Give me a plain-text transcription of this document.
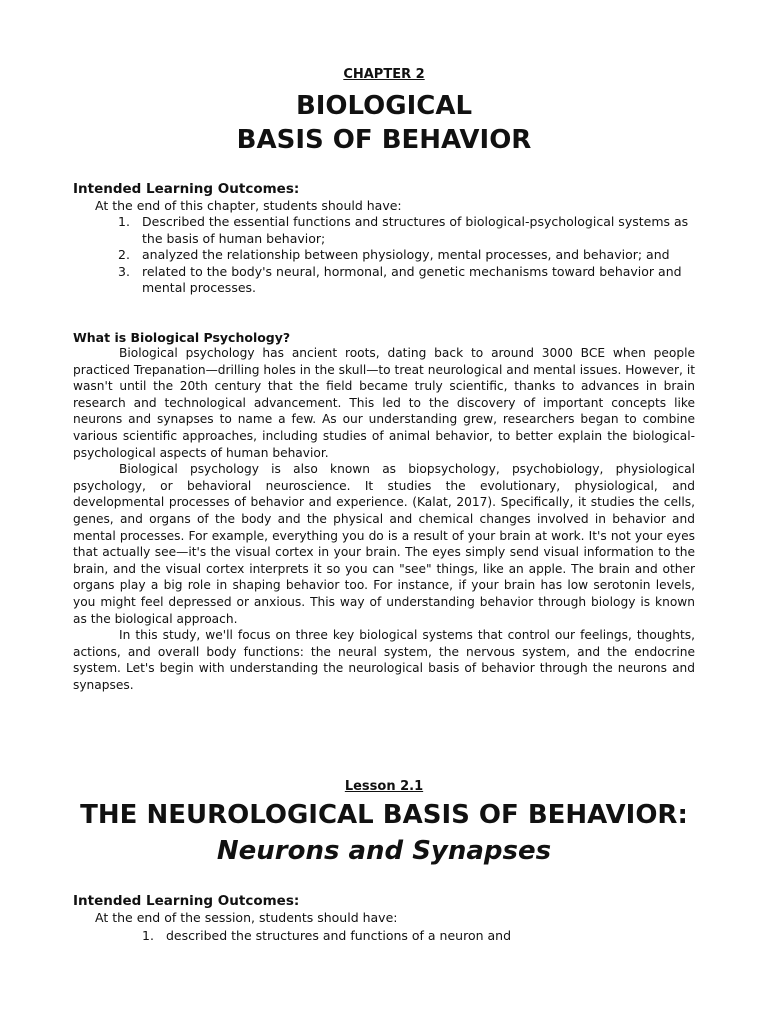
CHAPTER 2
BIOLOGICAL
BASIS OF BEHAVIOR
Intended Learning Outcomes:
At the end of this chapter, students should have:
1. Described the essential functions and structures of biological-psychological systems as the basis of human behavior;
2. analyzed the relationship between physiology, mental processes, and behavior; and
3. related to the body's neural, hormonal, and genetic mechanisms toward behavior and mental processes.
What is Biological Psychology?

Biological psychology has ancient roots, dating back to around 3000 BCE when people practiced Trepanation—drilling holes in the skull—to treat neurological and mental issues. However, it wasn't until the 20th century that the field became truly scientific, thanks to advances in brain research and technological advancement. This led to the discovery of important concepts like neurons and synapses to name a few. As our understanding grew, researchers began to combine various scientific approaches, including studies of animal behavior, to better explain the biological-psychological aspects of human behavior.

Biological psychology is also known as biopsychology, psychobiology, physiological psychology, or behavioral neuroscience. It studies the evolutionary, physiological, and developmental processes of behavior and experience. (Kalat, 2017). Specifically, it studies the cells, genes, and organs of the body and the physical and chemical changes involved in behavior and mental processes. For example, everything you do is a result of your brain at work. It's not your eyes that actually see—it's the visual cortex in your brain. The eyes simply send visual information to the brain, and the visual cortex interprets it so you can "see" things, like an apple. The brain and other organs play a big role in shaping behavior too. For instance, if your brain has low serotonin levels, you might feel depressed or anxious. This way of understanding behavior through biology is known as the biological approach.

In this study, we'll focus on three key biological systems that control our feelings, thoughts, actions, and overall body functions: the neural system, the nervous system, and the endocrine system. Let's begin with understanding the neurological basis of behavior through the neurons and synapses.

Lesson 2.1
THE NEUROLOGICAL BASIS OF BEHAVIOR:
Neurons and Synapses
Intended Learning Outcomes:
At the end of the session, students should have:
1. described the structures and functions of a neuron and
